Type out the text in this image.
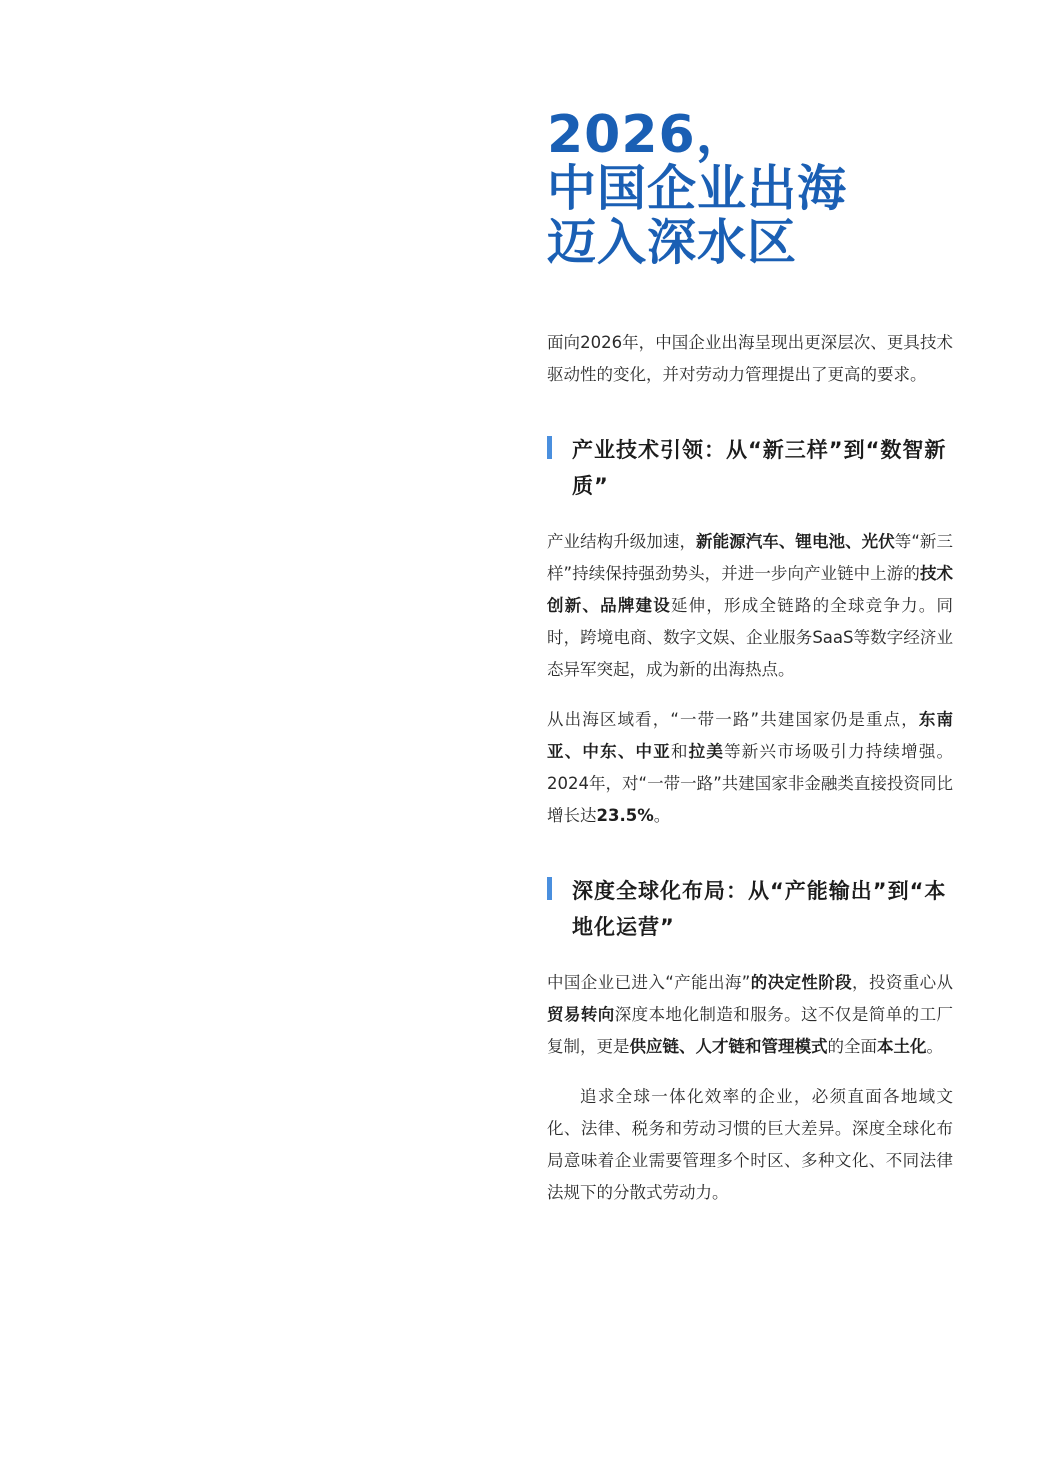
2026，
中国企业出海
迈入深水区

面向2026年，中国企业出海呈现出更深层次、更具技术驱动性的变化，并对劳动力管理提出了更高的要求。

产业技术引领：从“新三样”到“数智新质”

产业结构升级加速，新能源汽车、锂电池、光伏等“新三样”持续保持强劲势头，并进一步向产业链中上游的技术创新、品牌建设延伸，形成全链路的全球竞争力。同时，跨境电商、数字文娱、企业服务SaaS等数字经济业态异军突起，成为新的出海热点。

从出海区域看，“一带一路”共建国家仍是重点，东南亚、中东、中亚和拉美等新兴市场吸引力持续增强。2024年，对“一带一路”共建国家非金融类直接投资同比增长达23.5%。

深度全球化布局：从“产能输出”到“本地化运营”

中国企业已进入“产能出海”的决定性阶段，投资重心从贸易转向深度本地化制造和服务。这不仅是简单的工厂复制，更是供应链、人才链和管理模式的全面本土化。

追求全球一体化效率的企业，必须直面各地域文化、法律、税务和劳动习惯的巨大差异。深度全球化布局意味着企业需要管理多个时区、多种文化、不同法律法规下的分散式劳动力。
